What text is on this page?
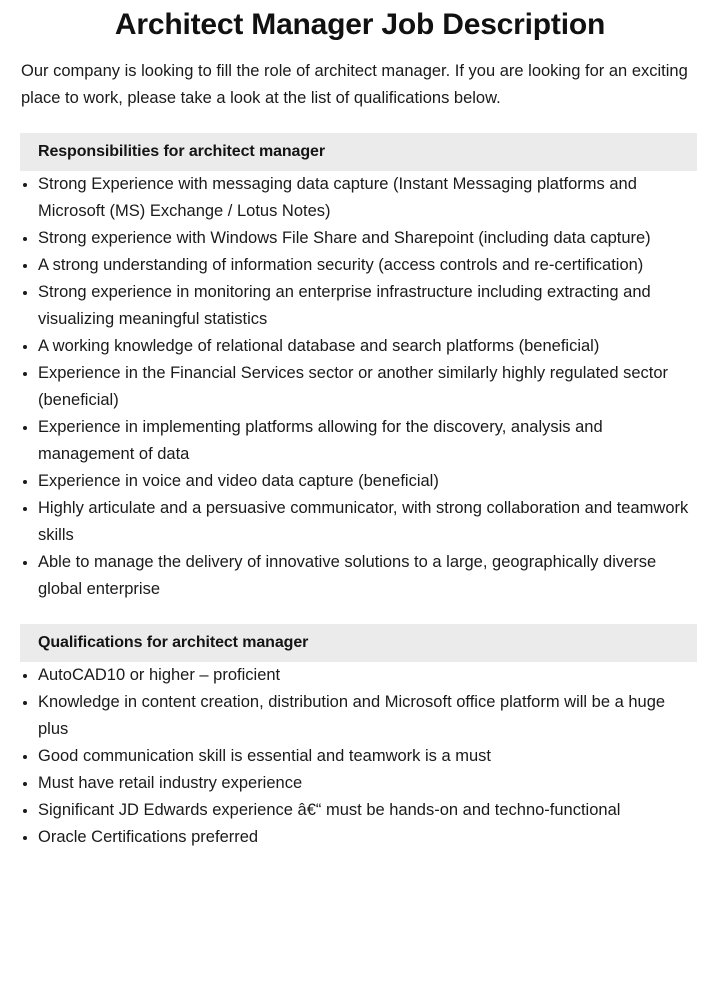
Architect Manager Job Description

Our company is looking to fill the role of architect manager. If you are looking for an exciting place to work, please take a look at the list of qualifications below.

Responsibilities for architect manager
Strong Experience with messaging data capture (Instant Messaging platforms and Microsoft (MS) Exchange / Lotus Notes)
Strong experience with Windows File Share and Sharepoint (including data capture)
A strong understanding of information security (access controls and re-certification)
Strong experience in monitoring an enterprise infrastructure including extracting and visualizing meaningful statistics
A working knowledge of relational database and search platforms (beneficial)
Experience in the Financial Services sector or another similarly highly regulated sector (beneficial)
Experience in implementing platforms allowing for the discovery, analysis and management of data
Experience in voice and video data capture (beneficial)
Highly articulate and a persuasive communicator, with strong collaboration and teamwork skills
Able to manage the delivery of innovative solutions to a large, geographically diverse global enterprise
Qualifications for architect manager
AutoCAD10 or higher – proficient
Knowledge in content creation, distribution and Microsoft office platform will be a huge plus
Good communication skill is essential and teamwork is a must
Must have retail industry experience
Significant JD Edwards experience â€“ must be hands-on and techno-functional
Oracle Certifications preferred
